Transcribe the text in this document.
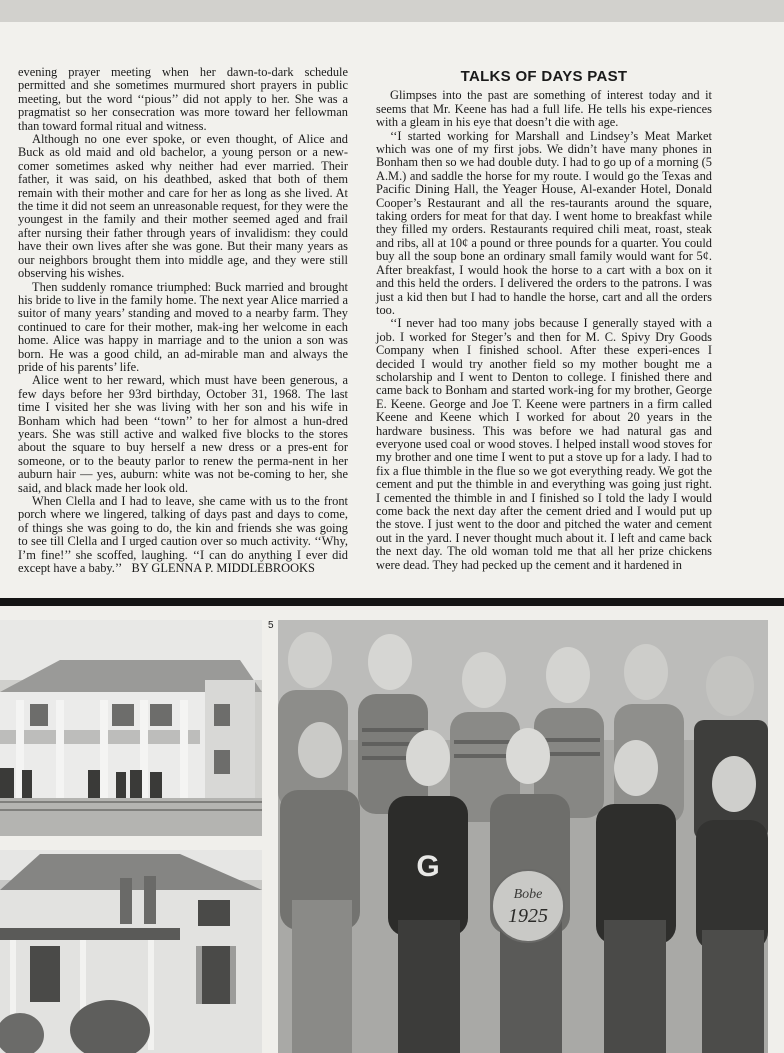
evening prayer meeting when her dawn-to-dark schedule permitted and she sometimes murmured short prayers in public meeting, but the word ‘‘pious’’ did not apply to her. She was a pragmatist so her consecration was more toward her fellowman than toward formal ritual and witness.

Although no one ever spoke, or even thought, of Alice and Buck as old maid and old bachelor, a young person or a new-comer sometimes asked why neither had ever married. Their father, it was said, on his deathbed, asked that both of them remain with their mother and care for her as long as she lived. At the time it did not seem an unreasonable request, for they were the youngest in the family and their mother seemed aged and frail after nursing their father through years of invalidism: they could have their own lives after she was gone. But their many years as our neighbors brought them into middle age, and they were still observing his wishes.

Then suddenly romance triumphed: Buck married and brought his bride to live in the family home. The next year Alice married a suitor of many years’ standing and moved to a nearby farm. They continued to care for their mother, mak-ing her welcome in each home. Alice was happy in marriage and to the union a son was born. He was a good child, an ad-mirable man and always the pride of his parents’ life.

Alice went to her reward, which must have been generous, a few days before her 93rd birthday, October 31, 1968. The last time I visited her she was living with her son and his wife in Bonham which had been ‘‘town’’ to her for almost a hun-dred years. She was still active and walked five blocks to the stores about the square to buy herself a new dress or a pres-ent for someone, or to the beauty parlor to renew the perma-nent in her auburn hair — yes, auburn: white was not be-coming to her, she said, and black made her look old.

When Clella and I had to leave, she came with us to the front porch where we lingered, talking of days past and days to come, of things she was going to do, the kin and friends she was going to see till Clella and I urged caution over so much activity. ‘‘Why, I’m fine!’’ she scoffed, laughing. ‘‘I can do anything I ever did except have a baby.’’ BY GLENNA P. MIDDLEBROOKS

TALKS OF DAYS PAST

Glimpses into the past are something of interest today and it seems that Mr. Keene has had a full life. He tells his expe-riences with a gleam in his eye that doesn’t die with age.

‘‘I started working for Marshall and Lindsey’s Meat Market which was one of my first jobs. We didn’t have many phones in Bonham then so we had double duty. I had to go up of a morning (5 A.M.) and saddle the horse for my route. I would go the Texas and Pacific Dining Hall, the Yeager House, Al-exander Hotel, Donald Cooper’s Restaurant and all the res-taurants around the square, taking orders for meat for that day. I went home to breakfast while they filled my orders. Restaurants required chili meat, roast, steak and ribs, all at 10¢ a pound or three pounds for a quarter. You could buy all the soup bone an ordinary small family would want for 5¢. After breakfast, I would hook the horse to a cart with a box on it and this held the orders. I delivered the orders to the patrons. I was just a kid then but I had to handle the horse, cart and all the orders too.

‘‘I never had too many jobs because I generally stayed with a job. I worked for Steger’s and then for M. C. Spivy Dry Goods Company when I finished school. After these experi-ences I decided I would try another field so my mother bought me a scholarship and I went to Denton to college. I finished there and came back to Bonham and started work-ing for my brother, George E. Keene. George and Joe T. Keene were partners in a firm called Keene and Keene which I worked for about 20 years in the hardware business. This was before we had natural gas and everyone used coal or wood stoves. I helped install wood stoves for my brother and one time I went to put a stove up for a lady. I had to fix a flue thimble in the flue so we got everything ready. We got the cement and put the thimble in and everything was going just right. I cemented the thimble in and I finished so I told the lady I would come back the next day after the cement dried and I would put up the stove. I just went to the door and pitched the water and cement out in the yard. I never thought much about it. I left and came back the next day. The old woman told me that all her prize chickens were dead. They had pecked up the cement and it hardened in

5
G
Bobe
1925
